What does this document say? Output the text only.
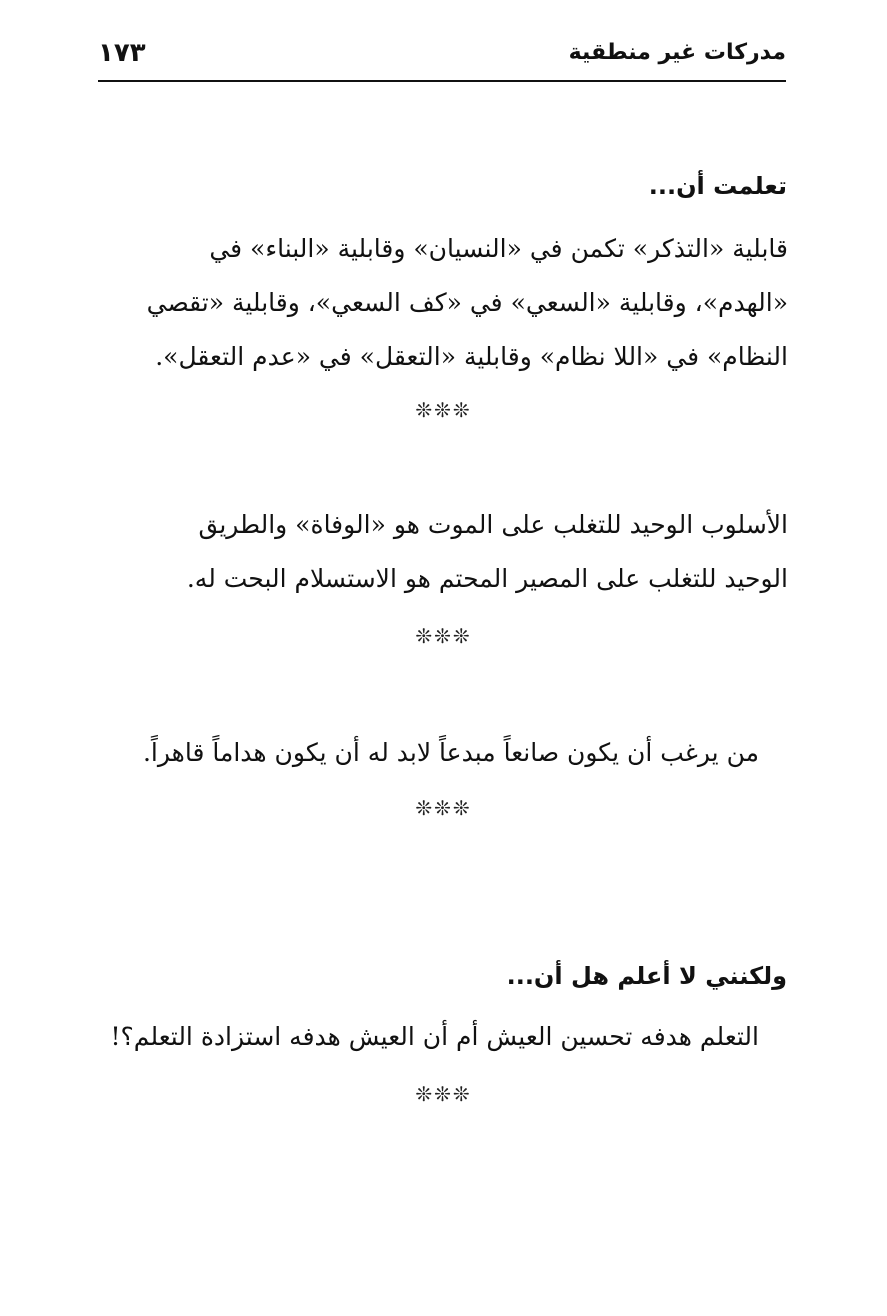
مدركات غير منطقية
١٧٣
تعلمت أن...
قابلية «التذكر» تكمن في «النسيان» وقابلية «البناء» في
«الهدم»، وقابلية «السعي» في «كف السعي»، وقابلية «تقصي
النظام» في «اللا نظام» وقابلية «التعقل» في «عدم التعقل».
❊❊❊
الأسلوب الوحيد للتغلب على الموت هو «الوفاة» والطريق
الوحيد للتغلب على المصير المحتم هو الاستسلام البحت له.
❊❊❊
من يرغب أن يكون صانعاً مبدعاً لابد له أن يكون هداماً قاهراً.
❊❊❊
ولكنني لا أعلم هل أن...
التعلم هدفه تحسين العيش أم أن العيش هدفه استزادة التعلم؟!
❊❊❊
